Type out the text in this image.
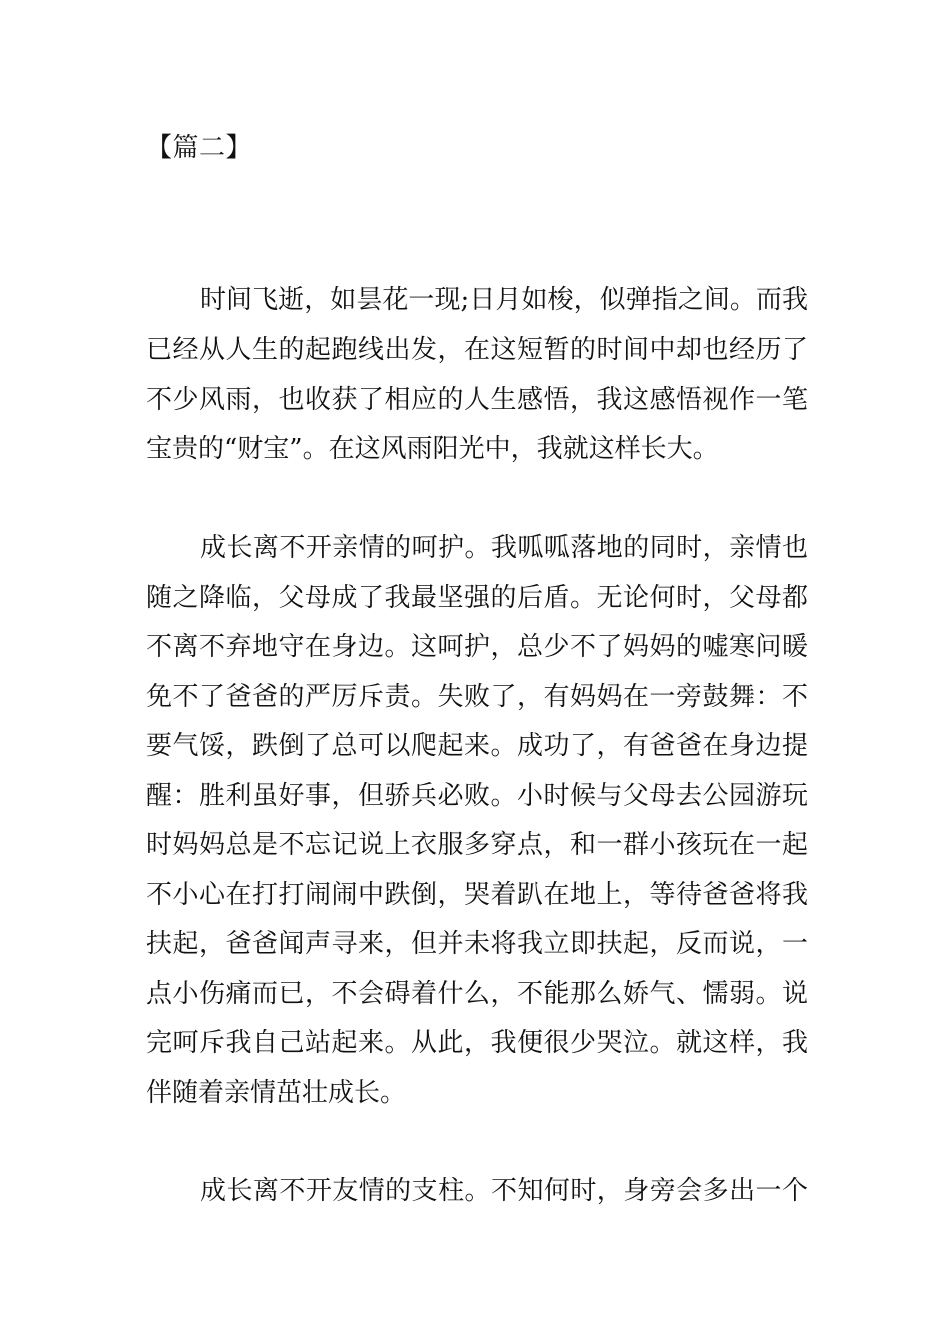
【篇二】
时间飞逝，如昙花一现;日月如梭，似弹指之间。而我
已经从人生的起跑线出发，在这短暂的时间中却也经历了
不少风雨，也收获了相应的人生感悟，我这感悟视作一笔
宝贵的“财宝”。在这风雨阳光中，我就这样长大。
成长离不开亲情的呵护。我呱呱落地的同时，亲情也
随之降临，父母成了我最坚强的后盾。无论何时，父母都
不离不弃地守在身边。这呵护，总少不了妈妈的嘘寒问暖
免不了爸爸的严厉斥责。失败了，有妈妈在一旁鼓舞：不
要气馁，跌倒了总可以爬起来。成功了，有爸爸在身边提
醒：胜利虽好事，但骄兵必败。小时候与父母去公园游玩
时妈妈总是不忘记说上衣服多穿点，和一群小孩玩在一起
不小心在打打闹闹中跌倒，哭着趴在地上，等待爸爸将我
扶起，爸爸闻声寻来，但并未将我立即扶起，反而说，一
点小伤痛而已，不会碍着什么，不能那么娇气、懦弱。说
完呵斥我自己站起来。从此，我便很少哭泣。就这样，我
伴随着亲情茁壮成长。
成长离不开友情的支柱。不知何时，身旁会多出一个
